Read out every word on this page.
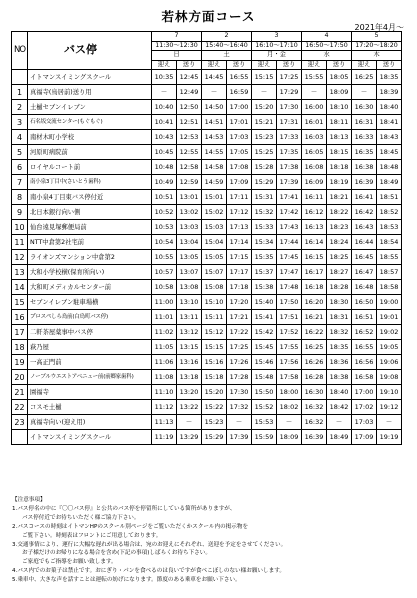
若林方面コース
2021年4月～
NO	バス停	7		2		3		4		5	
		11:30～12:30		15:40～16:40		16:10～17:10		16:50～17:50		17:20～18:20	
		日		土		月・金		水		木	
		迎え	送り	迎え	送り	迎え	送り	迎え	送り	迎え	送り
	イトマンスイミングスクール	10:35	12:45	14:45	16:55	15:15	17:25	15:55	18:05	16:25	18:35
1	真福寺(鳥居前)送り用	－	12:49	－	16:59	－	17:29	－	18:09	－	18:39
2	土樋セブンイレブン	10:40	12:50	14:50	17:00	15:20	17:30	16:00	18:10	16:30	18:40
3	石名坂交流センター(もぐもぐ)	10:41	12:51	14:51	17:01	15:21	17:31	16:01	18:11	16:31	18:41
4	南材木町小学校	10:43	12:53	14:53	17:03	15:23	17:33	16:03	18:13	16:33	18:43
5	河原町病院前	10:45	12:55	14:55	17:05	15:25	17:35	16:05	18:15	16:35	18:45
6	ロイヤルコート前	10:48	12:58	14:58	17:08	15:28	17:38	16:08	18:18	16:38	18:48
7	南小泉3丁目中(さいとう歯科)	10:49	12:59	14:59	17:09	15:29	17:39	16:09	18:19	16:39	18:49
8	南小泉4丁目東バス停付近	10:51	13:01	15:01	17:11	15:31	17:41	16:11	18:21	16:41	18:51
9	北日本銀行向い側	10:52	13:02	15:02	17:12	15:32	17:42	16:12	18:22	16:42	18:52
10	仙台遠見塚郵便局前	10:53	13:03	15:03	17:13	15:33	17:43	16:13	18:23	16:43	18:53
11	NTT中倉第2社宅前	10:54	13:04	15:04	17:14	15:34	17:44	16:14	18:24	16:44	18:54
12	ライオンズマンション中倉第2	10:55	13:05	15:05	17:15	15:35	17:45	16:15	18:25	16:45	18:55
13	大和小学校横(保育所向い)	10:57	13:07	15:07	17:17	15:37	17:47	16:17	18:27	16:47	18:57
14	大和町メディカルセンター前	10:58	13:08	15:08	17:18	15:38	17:48	16:18	18:28	16:48	18:58
15	セブンイレブン駐車場横	11:00	13:10	15:10	17:20	15:40	17:50	16:20	18:30	16:50	19:00
16	プロスペしら鳥前(白鳥町バス停)	11:01	13:11	15:11	17:21	15:41	17:51	16:21	18:31	16:51	19:01
17	二軒茶屋薬事中バス停	11:02	13:12	15:12	17:22	15:42	17:52	16:22	18:32	16:52	19:02
18	萩乃屋	11:05	13:15	15:15	17:25	15:45	17:55	16:25	18:35	16:55	19:05
19	一高正門前	11:06	13:16	15:16	17:26	15:46	17:56	16:26	18:36	16:56	19:06
20	ノーブルウエストアベニュー前(前郷家歯科)	11:08	13:18	15:18	17:28	15:48	17:58	16:28	18:38	16:58	19:08
21	園福寺	11:10	13:20	15:20	17:30	15:50	18:00	16:30	18:40	17:00	19:10
22	コスモ土樋	11:12	13:22	15:22	17:32	15:52	18:02	16:32	18:42	17:02	19:12
23	真福寺向い(迎え用)	11:13	－	15:23	－	15:53	－	16:32	－	17:03	－
	イトマンスイミングスクール	11:19	13:29	15:29	17:39	15:59	18:09	16:39	18:49	17:09	19:19
【注意事項】
1.バス停名の中に『〇〇バス停』と公共のバス停を停留所にしている箇所がありますが、
バス停付近でお待ちいただく様ご協力下さい。
2.バスコースの時刻はイトマンHPのスクール別ページをご覧いただくかスクール内の掲示物を
ご覧下さい。時刻表はフロントにご用意しております。
3.交通事情により、運行に大幅な遅れが出る場合は、宛のお迎えにそれぞれ、送迎を予定をさせてください。
お子様だけのお帰りになる場合を含め(下記の事項)しばらくお待ち下さい。
ご家庭でもご指導をお願い致します。
4.バス内でのお菓子は禁止です。おにぎり・パンを食べるのは良いですが食べこぼしのない様お願いします。
5.乗車中、大きな声を話すことは運転の妨げになります。節度のある乗車をお願い下さい。
